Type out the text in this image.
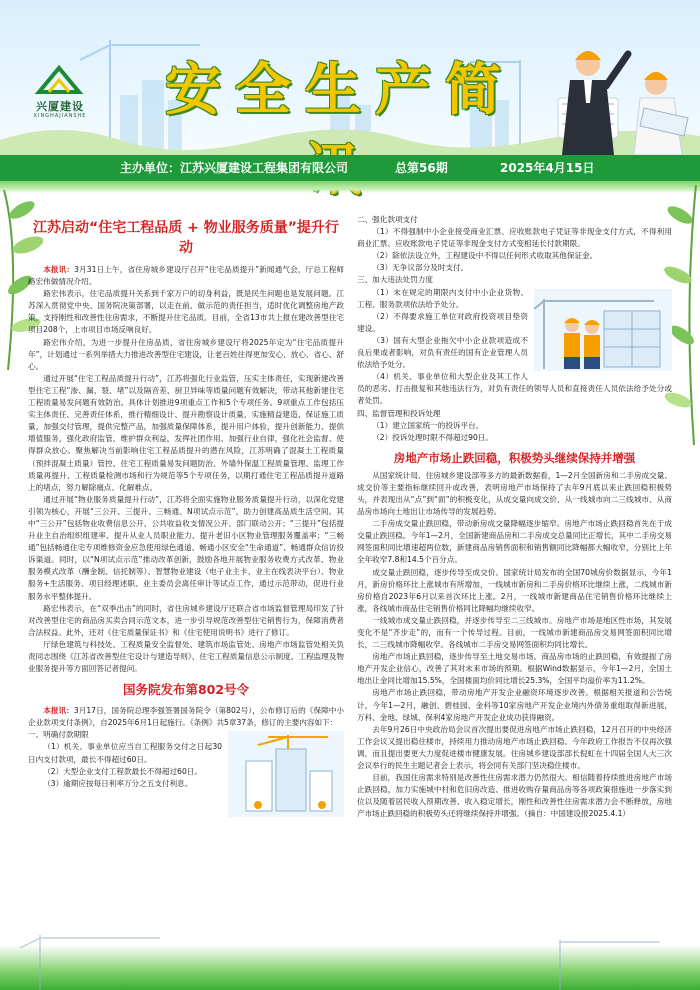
兴厦建设
XINGHAJIANSHE 安全生产简
主办单位：江苏兴厦建设工程集团有限公司	总第56期	2025年4月15日
江苏启动“住宅工程品质 + 物业服务质量”提升行动

本报讯：3月31日上午，省住房城乡建设厅召开“住宅品质提升”新闻通气会，厅总工程师路宏伟做情况介绍。

路宏伟表示，住宅品质提升关系到千家万户的切身利益，既是民生问题也是发展问题。江苏深入贯彻党中央、国务院决策部署，以走在前、做示范的责任担当，适时优化调整房地产政策，支持刚性和改善性住房需求，不断提升住宅品质。目前，全省13市共上报在建改善型住宅项目208个，上市项目市场反响良好。

路宏伟介绍，为进一步提升住房品质，省住房城乡建设厅将2025年定为“住宅品质提升年”，计划通过一系列举措大力推进改善型住宅建设，让老百姓住得更加安心、放心、省心、舒心。

通过开展“住宅工程品质提升行动”，江苏将强化行业监管，压实主体责任，实现新建改善型住宅工程“渗、漏、裂、堵”以及隔音差、厨卫异味等质量问题有效解决，带动其他新建住宅工程质量易发问题有效防治。具体计划推进9项重点工作和5个专项任务。9项重点工作包括压实主体责任、完善责任体系，推行精细设计、提升勘察设计质量，实施精益建造、保证施工质量，加强交付管理，提供完整产品，加强质量保障体系，提升用户体验，提升创新能力、提供增值服务，强化政府监管，维护群众利益，发挥社团作用、加强行业自律，强化社会监督、使得群众放心。聚焦解决当前影响住宅工程品质提升的潜在风险，江苏明确了混凝土工程质量（预拌混凝土质量）管控、住宅工程质量易发问题防治、外墙外保温工程质量管理、监理工作质量再提升、工程质量检测市场和行为规范等5个专项任务，以期打通住宅工程品质提升道路上的堵点，努力解除痛点、化解难点。

通过开展“物业服务质量提升行动”，江苏将全面实施物业服务质量提升行动，以深化党建引领为核心，开展“三公开、三提升、三畅通、N项试点示范”，助力创建高品质生活空间。其中“三公开”包括物业收费信息公开、公共收益收支情况公开、部门联动公开；“三提升”包括提升业主自治组织组建率、提升从业人员职业能力、提升老旧小区物业管理服务覆盖率；“三畅通”包括畅通住宅专项维修资金应急使用绿色通道、畅通小区安全“生命通道”、畅通群众信访投诉渠道。同时，以“N项试点示范”推动改革创新，鼓励各地开展物业服务收费方式改革、物业服务模式改革（酬金制、信托制等）、智慧物业建设（电子业主卡、业主在线表决平台）、物业服务+生活服务、项目经理述职、业主委员会离任审计等试点工作，通过示范带动，促进行业服务水平整体提升。

路宏伟表示，在“双季出击”的同时，省住房城乡建设厅还联合省市场监督管理局印发了针对改善型住宅的商品房买卖合同示范文本，进一步引导规范改善型住宅销售行为，保障消费者合法权益。此外，还对《住宅质量保证书》和《住宅使用说明书》进行了修订。

厅绿色建筑与科技处、工程质量安全监督处、建筑市场监管处、房地产市场监管处相关负责同志围绕《江苏省改善型住宅设计与建造导则》、住宅工程质量信息公示制度、工程监理及物业服务提升等方面回答记者提问。

国务院发布第802号令

本报讯：3月17日，国务院总理李强签署国务院令（第802号），公布修订后的《保障中小企业款项支付条例》，自2025年6月1日起施行。《条例》共5章37条，修订的主要内容如下：

一、明确付款期限

（1）机关、事业单位应当自工程服务交付之日起30日内支付款项，最长不得超过60日。

（2）大型企业支付工程款最长不得超过60日。

（3）逾期应按每日利率万分之五支付利息。

二、强化款项支付

（1）不得强制中小企业接受商业汇票、应收账款电子凭证等非现金支付方式，不得利用商业汇票、应收账款电子凭证等非现金支付方式变相延长付款期限。

（2）除依法设立外，工程建设中不得以任何形式收取其他保证金。

（3）无争议部分及时支付。

三、加大违法处罚力度

（1）未在规定的期限内支付中小企业货物、工程、服务款项依法给予处分。

（2）不得要求施工单位对政府投资项目垫资建设。

（3）国有大型企业拖欠中小企业款项造成不良后果或者影响，对负有责任的国有企业管理人员依法给予处分。

（4）机关、事业单位和大型企业及其工作人员的恶劣、打击报复和其他违法行为，对负有责任的领导人员和直接责任人员依法给予处分或者处罚。

四、监督管理和投诉处理

（1）建立国家统一的投诉平台。

（2）投诉处理时限不得超过90日。

房地产市场止跌回稳，积极势头继续保持并增强

从国家统计局、住房城乡建设部等多方的最新数据看，1—2月全国新房和二手房成交量、成交价等主要指标继续回升或改善，表明房地产市场保持了去年9月底以来止跌回稳积极势头，并表现出从“点”到“面”的积极变化，从成交量向成交价、从一线城市向二三线城市、从商品房市场向土地出让市场传导的发展趋势。

二手房成交量止跌回稳，带动新房成交量降幅逐步缩窄。房地产市场止跌回稳首先在于成交量止跌回稳。今年1—2月，全国新建商品房和二手房成交总量同比正增长，其中二手房交易网签面积同比增速超两位数，新建商品房销售面积和销售额同比降幅都大幅收窄，分别比上年全年收窄7.8和14.5个百分点。

成交量止跌回稳，逐步传导至成交价。国家统计局发布的全国70城房价数据显示，今年1月，新房价格环比上涨城市有所增加，一线城市新房和二手房价格环比继续上涨，二线城市新房价格自2023年6月以来首次环比上涨。2月，一线城市新建商品住宅销售价格环比继续上涨，各线城市商品住宅销售价格同比降幅均继续收窄。

一线城市成交量止跌回稳，并逐步传导至二三线城市。房地产市场是地区性市场，其发展变化不是“齐步走”的，而有一个传导过程。目前，一线城市新建商品房交易网签面积同比增长，二三线城市降幅收窄。各线城市二手房交易网签面积均同比增长。

房地产市场止跌回稳，逐步传导至土地交易市场。商品房市场的止跌回稳，有效提振了房地产开发企业信心，改善了其对未来市场的预期。根据Wind数据显示，今年1—2月，全国土地出让金同比增加15.5%，全国楼面均价同比增长25.3%，全国平均溢价率为11.2%。

房地产市场止跌回稳，带动房地产开发企业融资环境逐步改善。根据相关报道和公告统计，今年1—2月，融创、碧桂园、金科等10家房地产开发企业境内外债务重组取得新进展，万科、金地、绿城、保利4家房地产开发企业成功获得融资。

去年9月26日中央政治局会议首次提出要促进房地产市场止跌回稳，12月召开的中央经济工作会议又提出稳住楼市，持续用力推动房地产市场止跌回稳。今年政府工作报告不仅再次强调，而且提出要更大力度促进楼市健康发展。住房城乡建设部部长倪虹在十四届全国人大三次会议举行的民生主题记者会上表示，将会同有关部门坚决稳住楼市。

目前，我国住房需求特别是改善性住房需求潜力仍然很大。相信随着持续推进房地产市场止跌回稳，加力实施城中村和危旧房改造、推进收购存量商品房等各项政策措施进一步落实到位以及随着居民收入预期改善、收入稳定增长，刚性和改善性住房需求潜力会不断释放，房地产市场止跌回稳的积极势头还将继续保持并增强。（摘自：中国建设报2025.4.1）
